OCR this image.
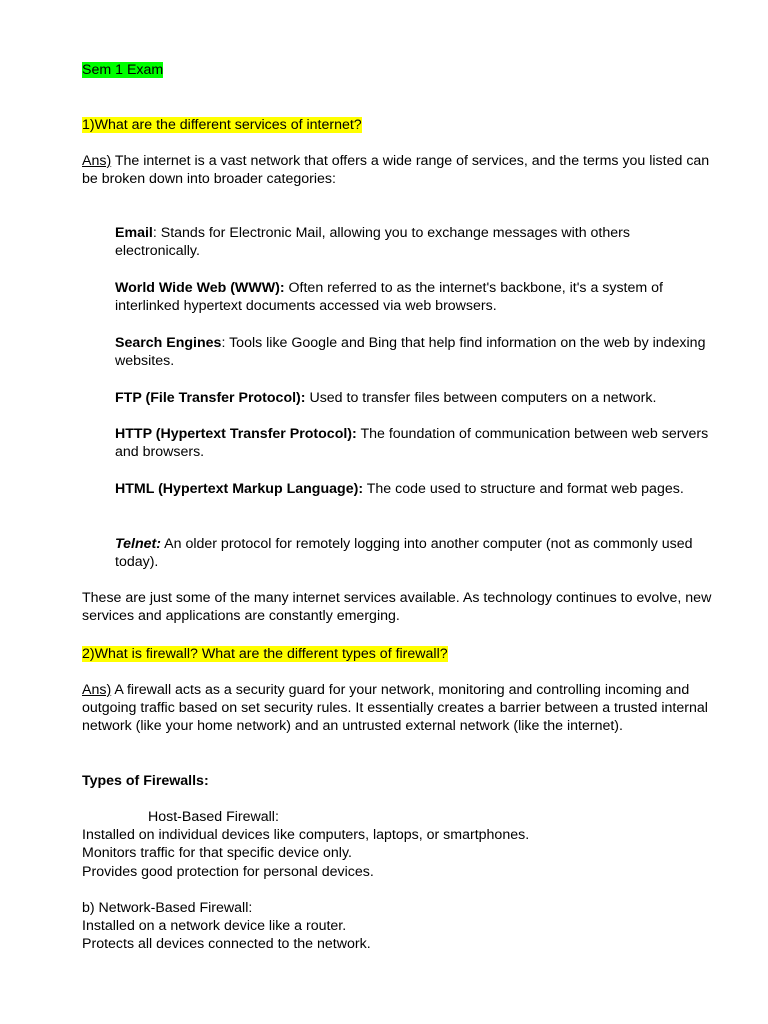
Sem 1 Exam
1)What are the different services of internet?
Ans) The internet is a vast network that offers a wide range of services, and the terms you listed can be broken down into broader categories:
Email: Stands for Electronic Mail, allowing you to exchange messages with others electronically.
World Wide Web (WWW): Often referred to as the internet's backbone, it's a system of interlinked hypertext documents accessed via web browsers.
Search Engines: Tools like Google and Bing that help find information on the web by indexing websites.
FTP (File Transfer Protocol): Used to transfer files between computers on a network.
HTTP (Hypertext Transfer Protocol): The foundation of communication between web servers and browsers.
HTML (Hypertext Markup Language): The code used to structure and format web pages.
Telnet: An older protocol for remotely logging into another computer (not as commonly used today).
These are just some of the many internet services available. As technology continues to evolve, new services and applications are constantly emerging.
2)What is firewall? What are the different types of firewall?
Ans) A firewall acts as a security guard for your network, monitoring and controlling incoming and outgoing traffic based on set security rules. It essentially creates a barrier between a trusted internal network (like your home network) and an untrusted external network (like the internet).
Types of Firewalls:
Host-Based Firewall:
Installed on individual devices like computers, laptops, or smartphones.
Monitors traffic for that specific device only.
Provides good protection for personal devices.
b) Network-Based Firewall:
Installed on a network device like a router.
Protects all devices connected to the network.
